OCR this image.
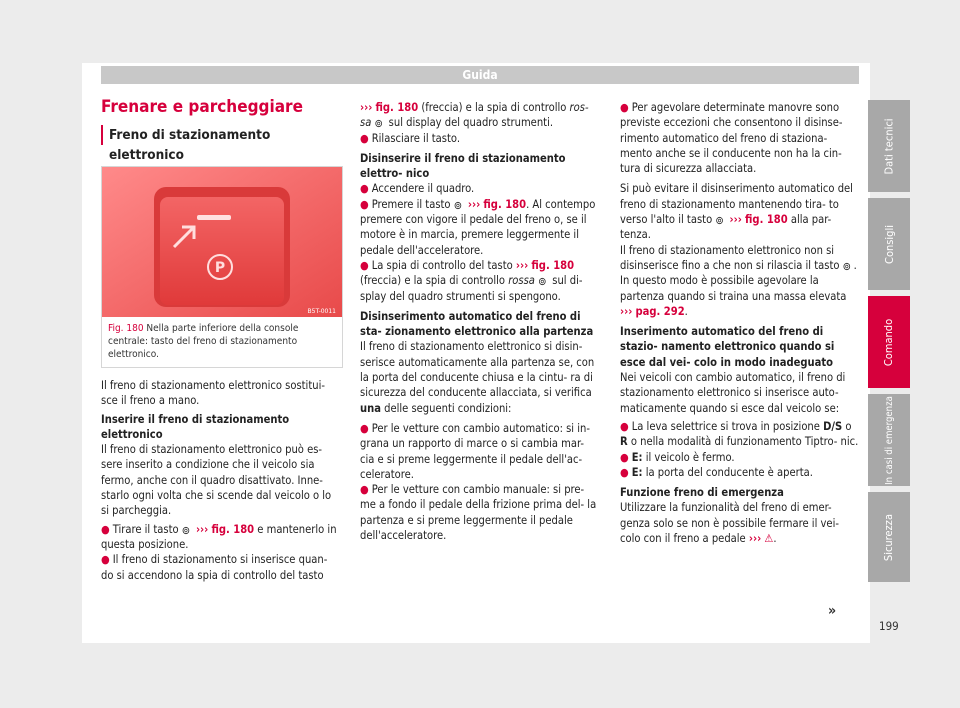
Guida
Dati tecnici
Consigli
Comando
In casi di emergenza
Sicurezza

Frenare e parcheggiare

Freno di stazionamento elettronico
P
B5T-0011
Fig. 180 Nella parte inferiore della console centrale: tasto del freno di stazionamento elettronico.

Il freno di stazionamento elettronico sostitui- sce il freno a mano.

Inserire il freno di stazionamento elettronico

Il freno di stazionamento elettronico può es- sere inserito a condizione che il veicolo sia fermo, anche con il quadro disattivato. Inne- starlo ogni volta che si scende dal veicolo o lo si parcheggia.

● Tirare il tasto ⊚ ››› fig. 180 e mantenerlo in questa posizione.

● Il freno di stazionamento si inserisce quan- do si accendono la spia di controllo del tasto

››› fig. 180 (freccia) e la spia di controllo ros- sa ⊚ sul display del quadro strumenti.

● Rilasciare il tasto.

Disinserire il freno di stazionamento elettro- nico

● Accendere il quadro.

● Premere il tasto ⊚ ››› fig. 180. Al contempo premere con vigore il pedale del freno o, se il motore è in marcia, premere leggermente il pedale dell'acceleratore.

● La spia di controllo del tasto ››› fig. 180 (freccia) e la spia di controllo rossa ⊚ sul di- splay del quadro strumenti si spengono.

Disinserimento automatico del freno di sta- zionamento elettronico alla partenza

Il freno di stazionamento elettronico si disin- serisce automaticamente alla partenza se, con la porta del conducente chiusa e la cintu- ra di sicurezza del conducente allacciata, si verifica una delle seguenti condizioni:

● Per le vetture con cambio automatico: si in- grana un rapporto di marce o si cambia mar- cia e si preme leggermente il pedale dell'ac- celeratore.

● Per le vetture con cambio manuale: si pre- me a fondo il pedale della frizione prima del- la partenza e si preme leggermente il pedale dell'acceleratore.

● Per agevolare determinate manovre sono previste eccezioni che consentono il disinse- rimento automatico del freno di staziona- mento anche se il conducente non ha la cin- tura di sicurezza allacciata.

Si può evitare il disinserimento automatico del freno di stazionamento mantenendo tira- to verso l'alto il tasto ⊚ ››› fig. 180 alla par- tenza.

Il freno di stazionamento elettronico non si disinserisce fino a che non si rilascia il tasto ⊚ . In questo modo è possibile agevolare la partenza quando si traina una massa elevata ››› pag. 292.

Inserimento automatico del freno di stazio- namento elettronico quando si esce dal vei- colo in modo inadeguato

Nei veicoli con cambio automatico, il freno di stazionamento elettronico si inserisce auto- maticamente quando si esce dal veicolo se:

● La leva selettrice si trova in posizione D/S o R o nella modalità di funzionamento Tiptro- nic.

● E: il veicolo è fermo.

● E: la porta del conducente è aperta.

Funzione freno di emergenza

Utilizzare la funzionalità del freno di emer- genza solo se non è possibile fermare il vei- colo con il freno a pedale ››› ⚠.

»
199
